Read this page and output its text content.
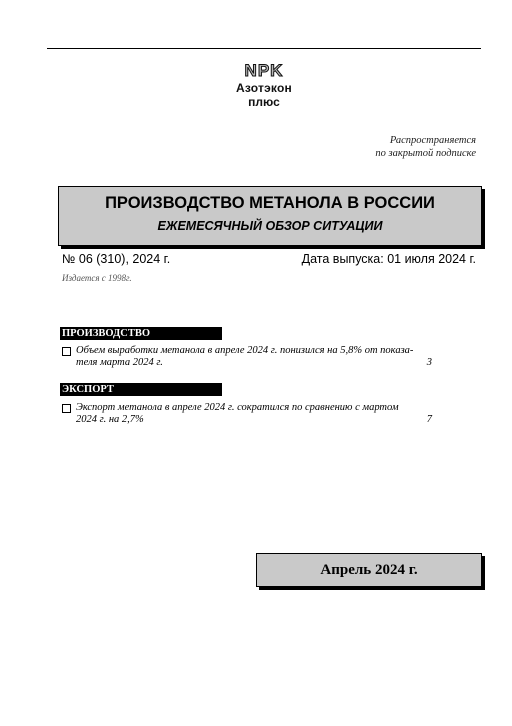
NPK
Азотэкон
плюс
Распространяется
по закрытой подписке
ПРОИЗВОДСТВО МЕТАНОЛА В РОССИИ
ЕЖЕМЕСЯЧНЫЙ ОБЗОР СИТУАЦИИ
№ 06 (310), 2024 г.	Дата выпуска: 01 июля 2024 г.
Издается с 1998г.
ПРОИЗВОДСТВО
Объем выработки метанола в апреле 2024 г. понизился на 5,8% от показа-
теля марта 2024 г.	3
ЭКСПОРТ
Экспорт метанола в апреле 2024 г. сократился по сравнению с мартом
2024 г. на 2,7%	7
Апрель 2024 г.
